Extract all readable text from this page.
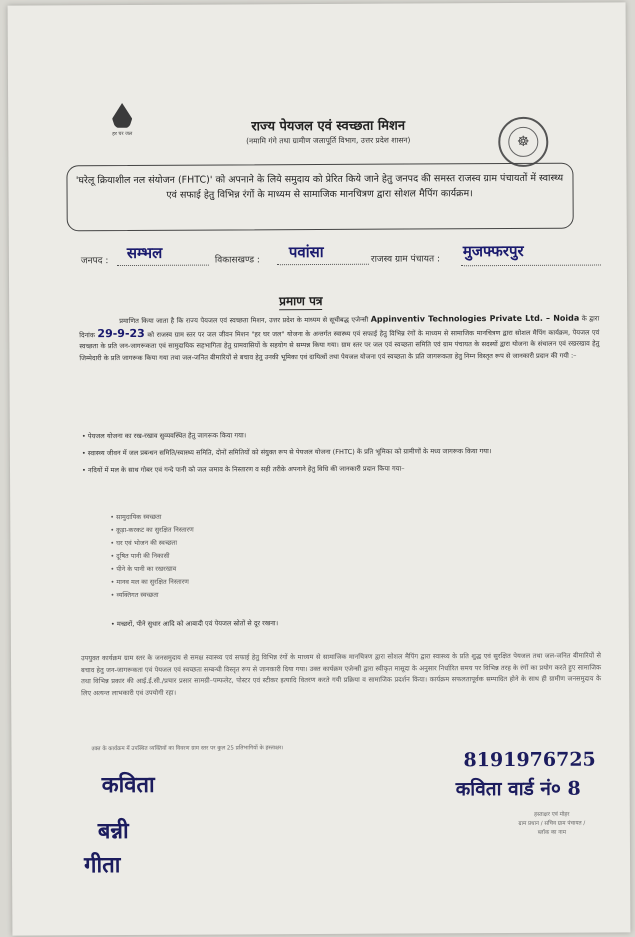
हर घर जल	राज्य पेयजल एवं स्वच्छता मिशन
(नमामि गंगे तथा ग्रामीण जलापूर्ति विभाग, उत्तर प्रदेश शासन)	☸
'घरेलू क्रियाशील नल संयोजन (FHTC)' को अपनाने के लिये समुदाय को प्रेरित किये जाने हेतु जनपद की समस्त राजस्व ग्राम पंचायतों में स्वास्थ्य एवं सफाई हेतु विभिन्न रंगों के माध्यम से सामाजिक मानचित्रण द्वारा सोशल मैपिंग कार्यक्रम।
जनपद : सम्भल	विकासखण्ड : पवांसा	राजस्व ग्राम पंचायत : मुजफ्फरपुर
प्रमाण पत्र
प्रमाणित किया जाता है कि राज्य पेयजल एवं स्वच्छता मिशन, उत्तर प्रदेश के माध्यम से सूचीबद्ध एजेन्सी Appinventiv Technologies Private Ltd. – Noida के द्वारा दिनांक 29-9-23 को राजस्व ग्राम स्तर पर जल जीवन मिशन "हर घर जल" योजना के अन्तर्गत स्वास्थ्य एवं सफाई हेतु विभिन्न रंगों के माध्यम से सामाजिक मानचित्रण द्वारा सोशल मैपिंग कार्यक्रम, पेयजल एवं स्वच्छता के प्रति जन-जागरूकता एवं सामुदायिक सहभागिता हेतु ग्रामवासियों के सहयोग से सम्पन्न किया गया। ग्राम स्तर पर जल एवं स्वच्छता समिति एवं ग्राम पंचायत के सदस्यों द्वारा योजना के संचालन एवं रखरखाव हेतु जिम्मेदारी के प्रति जागरूक किया गया तथा जल-जनित बीमारियों से बचाव हेतु उनकी भूमिका एवं दायित्वों तथा पेयजल योजना एवं स्वच्छता के प्रति जागरूकता हेतु निम्न विस्तृत रूप से जानकारी प्रदान की गयी :–
• पेयजल योजना का रख-रखाव सुव्यवस्थित हेतु जागरूक किया गया।
• स्वास्थ्य जीवन में जल प्रबन्धन समिति/स्वास्थ्य समिति, दोनों समितियों को संयुक्त रूप से पेयजल योजना (FHTC) के प्रति भूमिका को ग्रामीणों के मध्य जागरूक किया गया।
• नदियों में मल के साथ गोबर एवं गन्दे पानी को जल जमाव के निस्तारण व सही तरीके अपनाने हेतु विधि की जानकारी प्रदान किया गया–
• सामुदायिक स्वच्छता
• कूड़ा-करकट का सुरक्षित निस्तारण
• घर एवं भोजन की स्वच्छता
• दूषित पानी की निकासी
• पीने के पानी का रखरखाव
• मानव मल का सुरक्षित निस्तारण
• व्यक्तिगत स्वच्छता
• मच्छरों, पीने सुधार आदि को आबादी एवं पेयजल स्रोतों से दूर रखना।
उपयुक्त कार्यक्रम ग्राम स्तर के जनसमुदाय से समक्ष स्वास्थ्य एवं सफाई हेतु विभिन्न रंगों के माध्यम से सामाजिक मानचित्रण द्वारा सोशल मैपिंग द्वारा स्वास्थ्य के प्रति शुद्ध एवं सुरक्षित पेयजल तथा जल-जनित बीमारियों से बचाव हेतु जन-जागरूकता एवं पेयजल एवं स्वच्छता सम्बन्धी विस्तृत रूप से जानकारी दिया गया। उक्त कार्यक्रम एजेन्सी द्वारा स्वीकृत मासूदा के अनुसार निर्धारित समय पर विभिन्न तरह के रंगों का प्रयोग करते हुए सामाजिक तथा विभिन्न प्रकार की आई.ई.सी./प्रचार प्रसार सामग्री–पम्फलेट, पोस्टर एवं स्टीकर इत्यादि वितरण करते गयी प्रक्रिया व सामाजिक प्रदर्शन किया। कार्यक्रम सफलतापूर्वक सम्पादित होने के साथ ही ग्रामीण जनसमुदाय के लिए अत्यन्त लाभकारी एवं उपयोगी रहा।
उक्त के कार्यक्रम में उपस्थित व्यक्तियों का विवरण ग्राम स्तर पर कुल 25 प्रतिभागियों के हस्ताक्षर।
कविता
बन्नी
गीता
8191976725
कविता वार्ड नं० 8
हस्ताक्षर एवं मोहर
ग्राम प्रधान / सचिव ग्राम पंचायत /
ब्लॉक का नाम
